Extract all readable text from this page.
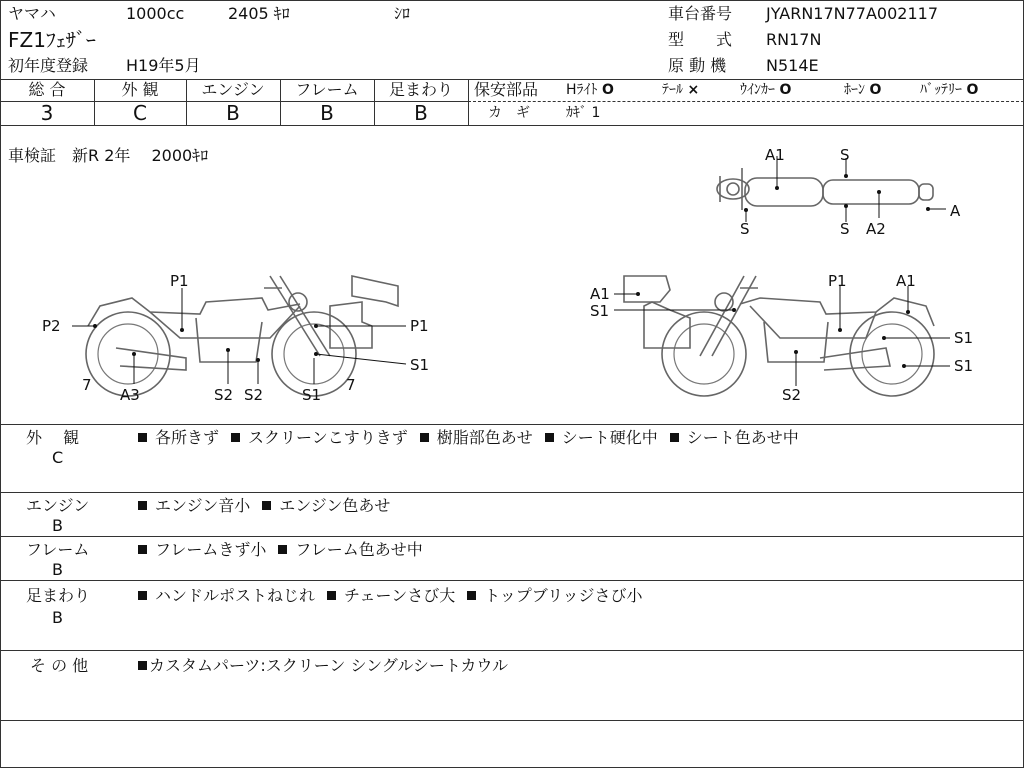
ヤマハ	1000cc	2405 ｷﾛ	ｼﾛ
FZ1ﾌｪｻﾞｰ
初年度登録 H19年5月
車台番号 JYARN17N77A002117
型　　式 RN17N
原 動 機 N514E
総 合	外 観	エンジン	フレーム	足まわり
3	C	B	B	B
保安部品 Hﾗｲﾄ O	ﾃｰﾙ ×	ｳｲﾝｶｰ O	ﾎｰﾝ O	ﾊﾞｯﾃﾘｰ O
カ　ギ	ｶｷﾞ 1
車検証　新R 2年　 2000ｷﾛ	A1	S
S	S A2
A
P1
P2	P1
S1
7
A3	S2 S2	S1
7
A1
S1
P1	A1
S1
S1
S2
外　 観
C
各所きず スクリーンこすりきず 樹脂部色あせ シート硬化中 シート色あせ中
エンジン
B
エンジン音小 エンジン色あせ
フレーム
B
フレームきず小 フレーム色あせ中
足まわり
B
ハンドルポストねじれ チェーンさび大 トップブリッジさび小
そ の 他	カスタムパーツ:スクリーン シングルシートカウル
